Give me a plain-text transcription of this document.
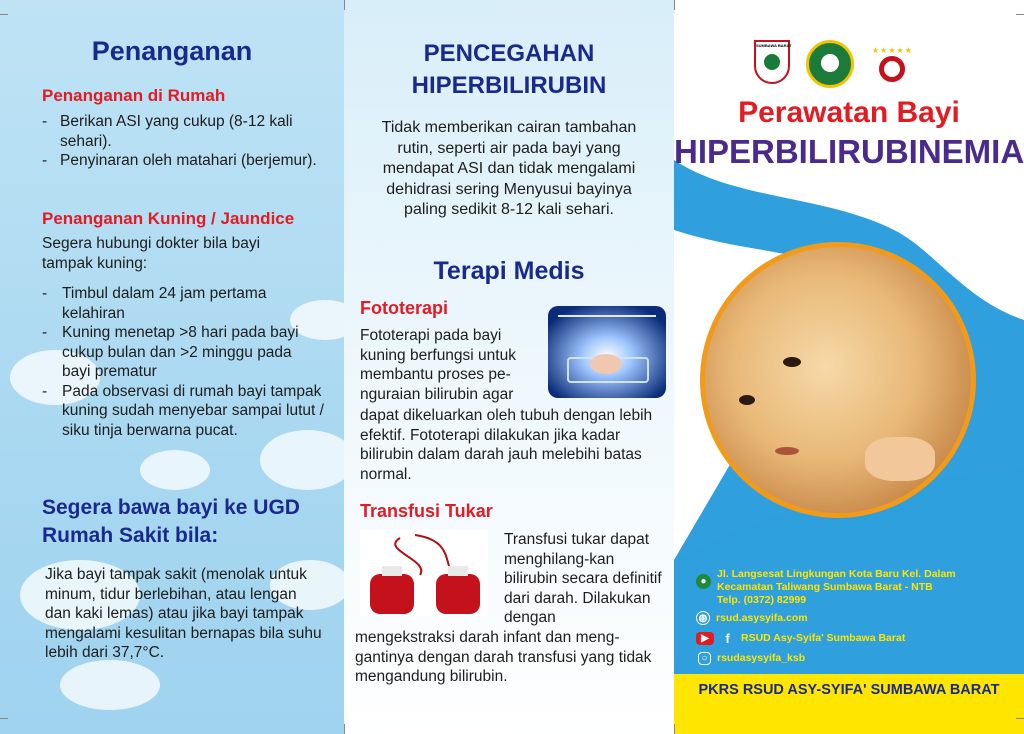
Penanganan
Penanganan di Rumah
- Berikan ASI yang cukup (8-12 kali sehari).
- Penyinaran oleh matahari (berjemur).
Penanganan Kuning / Jaundice
Segera hubungi dokter bila bayi tampak kuning:
- Timbul dalam 24 jam pertama kelahiran
- Kuning menetap >8 hari pada bayi cukup bulan dan >2 minggu pada bayi prematur
- Pada observasi di rumah bayi tampak kuning sudah menyebar sampai lutut / siku tinja berwarna pucat.
Segera bawa bayi ke UGD Rumah Sakit bila:
Jika bayi tampak sakit (menolak untuk minum, tidur berlebihan, atau lengan dan kaki lemas) atau jika bayi tampak mengalami kesulitan bernapas bila suhu lebih dari 37,7°C.
PENCEGAHAN
HIPERBILIRUBIN
Tidak memberikan cairan tambahan rutin, seperti air pada bayi yang mendapat ASI dan tidak mengalami dehidrasi sering Menyusui bayinya paling sedikit 8-12 kali sehari.
Terapi Medis
Fototerapi
Fototerapi pada bayi kuning berfungsi untuk membantu proses pe-nguraian bilirubin agar
dapat dikeluarkan oleh tubuh dengan lebih efektif. Fototerapi dilakukan jika kadar bilirubin dalam darah jauh melebihi batas normal.
Transfusi Tukar
Transfusi tukar dapat menghilang-kan bilirubin secara definitif dari darah. Dilakukan dengan
mengekstraksi darah infant dan meng-gantinya dengan darah transfusi yang tidak mengandung bilirubin.
SUMBAWA BARAT
★★★★★
Perawatan Bayi
HIPERBILIRUBINEMIA
●
Jl. Langsesat Lingkungan Kota Baru Kel. Dalam
Kecamatan Taliwang Sumbawa Barat - NTB
Telp. (0372) 82999
◍ rsud.asysyifa.com
▶	f	RSUD Asy-Syifa' Sumbawa Barat
○ rsudasysyifa_ksb
PKRS RSUD ASY-SYIFA' SUMBAWA BARAT
